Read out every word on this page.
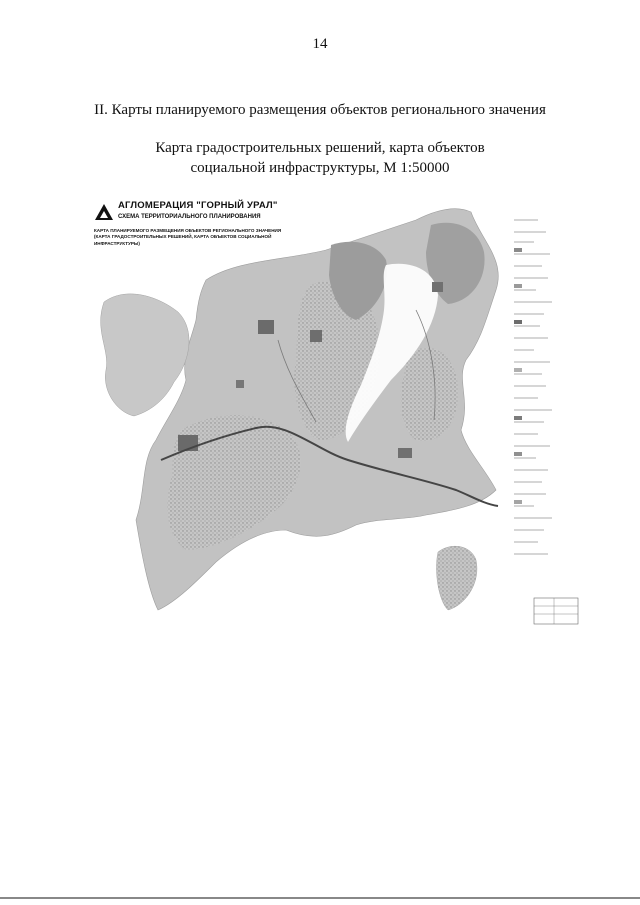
14
II. Карты планируемого размещения объектов регионального значения
Карта градостроительных решений, карта объектов
социальной инфраструктуры, М 1:50000
АГЛОМЕРАЦИЯ "ГОРНЫЙ УРАЛ"
СХЕМА ТЕРРИТОРИАЛЬНОГО ПЛАНИРОВАНИЯ
КАРТА ПЛАНИРУЕМОГО РАЗМЕЩЕНИЯ ОБЪЕКТОВ РЕГИОНАЛЬНОГО ЗНАЧЕНИЯ (КАРТА ГРАДОСТРОИТЕЛЬНЫХ РЕШЕНИЙ, КАРТА ОБЪЕКТОВ СОЦИАЛЬНОЙ ИНФРАСТРУКТУРЫ)
